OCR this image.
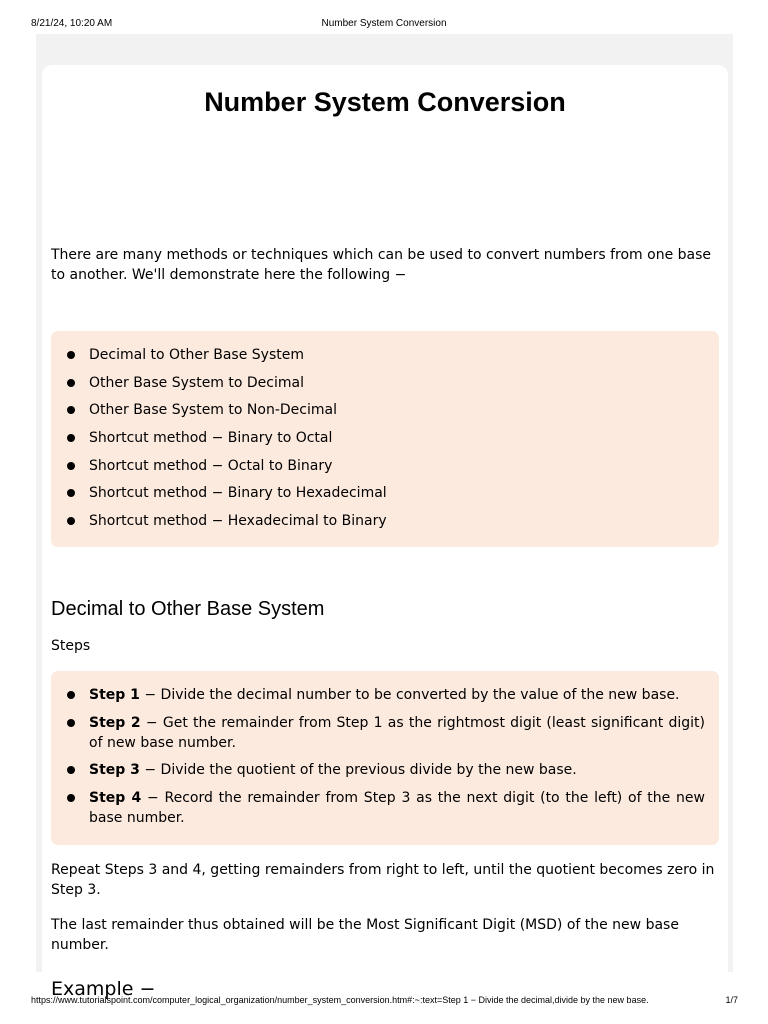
8/21/24, 10:20 AM	Number System Conversion
Number System Conversion

There are many methods or techniques which can be used to convert numbers from one base to another. We'll demonstrate here the following −

Decimal to Other Base System
Other Base System to Decimal
Other Base System to Non-Decimal
Shortcut method − Binary to Octal
Shortcut method − Octal to Binary
Shortcut method − Binary to Hexadecimal
Shortcut method − Hexadecimal to Binary
Decimal to Other Base System

Steps

Step 1 − Divide the decimal number to be converted by the value of the new base.
Step 2 − Get the remainder from Step 1 as the rightmost digit (least significant digit) of new base number.
Step 3 − Divide the quotient of the previous divide by the new base.
Step 4 − Record the remainder from Step 3 as the next digit (to the left) of the new base number.

Repeat Steps 3 and 4, getting remainders from right to left, until the quotient becomes zero in Step 3.

The last remainder thus obtained will be the Most Significant Digit (MSD) of the new base number.

Example −
https://www.tutorialspoint.com/computer_logical_organization/number_system_conversion.htm#:~:text=Step 1 − Divide the decimal,divide by the new base.	1/7
